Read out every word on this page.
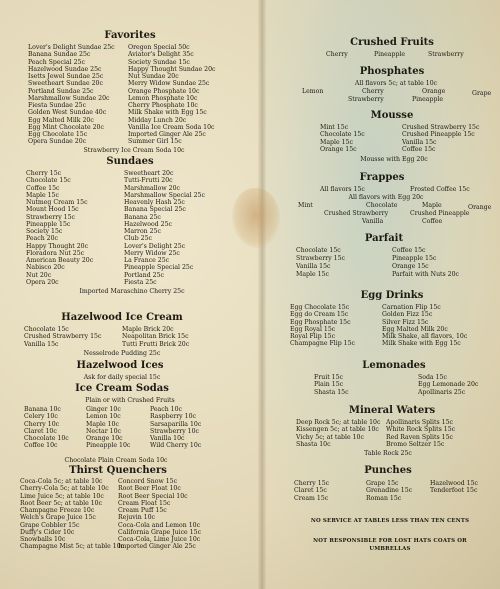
Favorites
Lover's Delight Sundae 25c
Banana Sundae 25c
Peach Special 25c
Hazelwood Sundae 25c
Isetts Jewel Sundae 25c
Sweetheart Sundae 20c
Portland Sundae 25c
Marshmallow Sundae 20c
Fiesta Sundae 25c
Golden West Sundae 40c
Egg Malted Milk 20c
Egg Mint Chocolate 20c
Egg Chocolate 15c
Opera Sundae 20c
Oregon Special 50c
Aviator's Delight 35c
Society Sundae 15c
Happy Thought Sundae 20c
Nut Sundae 20c
Merry Widow Sundae 25c
Orange Phosphate 10c
Lemon Phosphate 10c
Cherry Phosphate 10c
Milk Shake with Egg 15c
Midday Lunch 20c
Vanilla Ice Cream Soda 10c
Imported Ginger Ale 25c
Summer Girl 15c
Strawberry Ice Cream Soda 10c
Sundaes
Cherry 15c
Chocolate 15c
Coffee 15c
Maple 15c
Nutmeg Cream 15c
Mount Hood 15c
Strawberry 15c
Pineapple 15c
Society 15c
Peach 20c
Happy Thought 20c
Floradora Nut 25c
American Beauty 20c
Nabisco 20c
Nut 20c
Opera 20c
Sweetheart 20c
Tutti-Frutti 20c
Marshmallow 20c
Marshmallow Special 25c
Heavenly Hash 25c
Banana Special 25c
Banana 25c
Hazelwood 25c
Marron 25c
Club 25c
Lover's Delight 25c
Merry Widow 25c
La France 25c
Pineapple Special 25c
Portland 25c
Fiesta 25c
Imported Maraschino Cherry 25c
Hazelwood Ice Cream
Chocolate 15c
Crushed Strawberry 15c
Vanilla 15c
Maple Brick 20c
Neapolitan Brick 15c
Tutti Frutti Brick 20c
Nesselrode Pudding 25c
Hazelwood Ices
Ask for daily special 15c
Ice Cream Sodas
Plain or with Crushed Fruits
Banana 10c
Celery 10c
Cherry 10c
Claret 10c
Chocolate 10c
Coffee 10c
Ginger 10c
Lemon 10c
Maple 10c
Nectar 10c
Orange 10c
Pineapple 10c
Peach 10c
Raspberry 10c
Sarsaparilla 10c
Strawberry 10c
Vanilla 10c
Wild Cherry 10c
Chocolate Plain Cream Soda 10c
Thirst Quenchers
Coca-Cola 5c; at table 10c
Cherry-Cola 5c; at table 10c
Lime Juice 5c; at table 10c
Root Beer 5c; at table 10c
Champagne Freeze 10c
Welch's Grape Juice 15c
Grape Cobbler 15c
Duffy's Cider 10c
Snowballs 10c
Champagne Mist 5c; at table 10c
Concord Snow 15c
Root Beer Float 10c
Root Beer Special 10c
Cream Float 15c
Cream Puff 15c
Rejuvin 10c
Coca-Cola and Lemon 10c
California Grape Juice 15c
Coca-Cola, Lime Juice 10c
Imported Ginger Ale 25c
Crushed Fruits
Cherry	Pineapple	Strawberry
Phosphates
All flavors 5c; at table 10c
Lemon	Cherry	Orange	Grape
Strawberry	Pineapple
Mousse
Mint 15c
Chocolate 15c
Maple 15c
Orange 15c
Crushed Strawberry 15c
Crushed Pineapple 15c
Vanilla 15c
Coffee 15c
Mousse with Egg 20c
Frappes
All flavors 15c	Frosted Coffee 15c
All flavors with Egg 20c
Mint	Chocolate	Maple	Orange
Crushed Strawberry	Crushed Pineapple
Vanilla	Coffee
Parfait
Chocolate 15c
Strawberry 15c
Vanilla 15c
Maple 15c
Coffee 15c
Pineapple 15c
Orange 15c
Parfait with Nuts 20c
Egg Drinks
Egg Chocolate 15c
Egg do Cream 15c
Egg Phosphate 15c
Egg Royal 15c
Royal Flip 15c
Champagne Flip 15c
Carnation Flip 15c
Golden Fizz 15c
Silver Fizz 15c
Egg Malted Milk 20c
Milk Shake, all flavors, 10c
Milk Shake with Egg 15c
Lemonades
Fruit 15c
Plain 15c
Shasta 15c
Soda 15c
Egg Lemonade 20c
Apollinaris 25c
Mineral Waters
Deep Rock 5c; at table 10c
Kissengen 5c; at table 10c
Vichy 5c; at table 10c
Shasta 10c
Apollinaris Splits 15c
White Rock Splits 15c
Red Raven Splits 15c
Bromo Seltzer 15c
Table Rock 25c
Punches
Cherry 15c
Claret 15c
Cream 15c
Grape 15c
Grenadine 15c
Roman 15c
Hazelwood 15c
Tenderfoot 15c
NO SERVICE AT TABLES LESS THAN TEN CENTS
NOT RESPONSIBLE FOR LOST HATS COATS OR
UMBRELLAS
